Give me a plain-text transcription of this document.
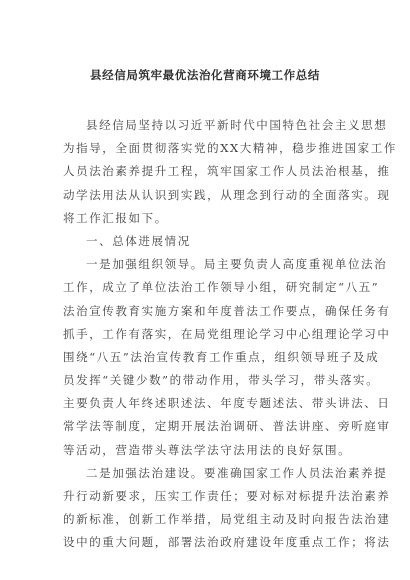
县经信局筑牢最优法治化营商环境工作总结
县经信局坚持以习近平新时代中国特色社会主义思想
为指导，全面贯彻落实党的XX大精神，稳步推进国家工作
人员法治素养提升工程，筑牢国家工作人员法治根基，推
动学法用法从认识到实践，从理念到行动的全面落实。现
将工作汇报如下。
一、总体进展情况
一是加强组织领导。局主要负责人高度重视单位法治
工作，成立了单位法治工作领导小组，研究制定“八五”
法治宣传教育实施方案和年度普法工作要点，确保任务有
抓手，工作有落实，在局党组理论学习中心组理论学习中
围绕“八五”法治宣传教育工作重点，组织领导班子及成
员发挥“关键少数”的带动作用，带头学习，带头落实。
主要负责人年终述职述法、年度专题述法、带头讲法、日
常学法等制度，定期开展法治调研、普法讲座、旁听庭审
等活动，营造带头尊法学法守法用法的良好氛围。
二是加强法治建设。要准确国家工作人员法治素养提
升行动新要求，压实工作责任；要对标对标提升法治素养
的新标准，创新工作举措，局党组主动及时向报告法治建
设中的重大问题，部署法治政府建设年度重点工作；将法
